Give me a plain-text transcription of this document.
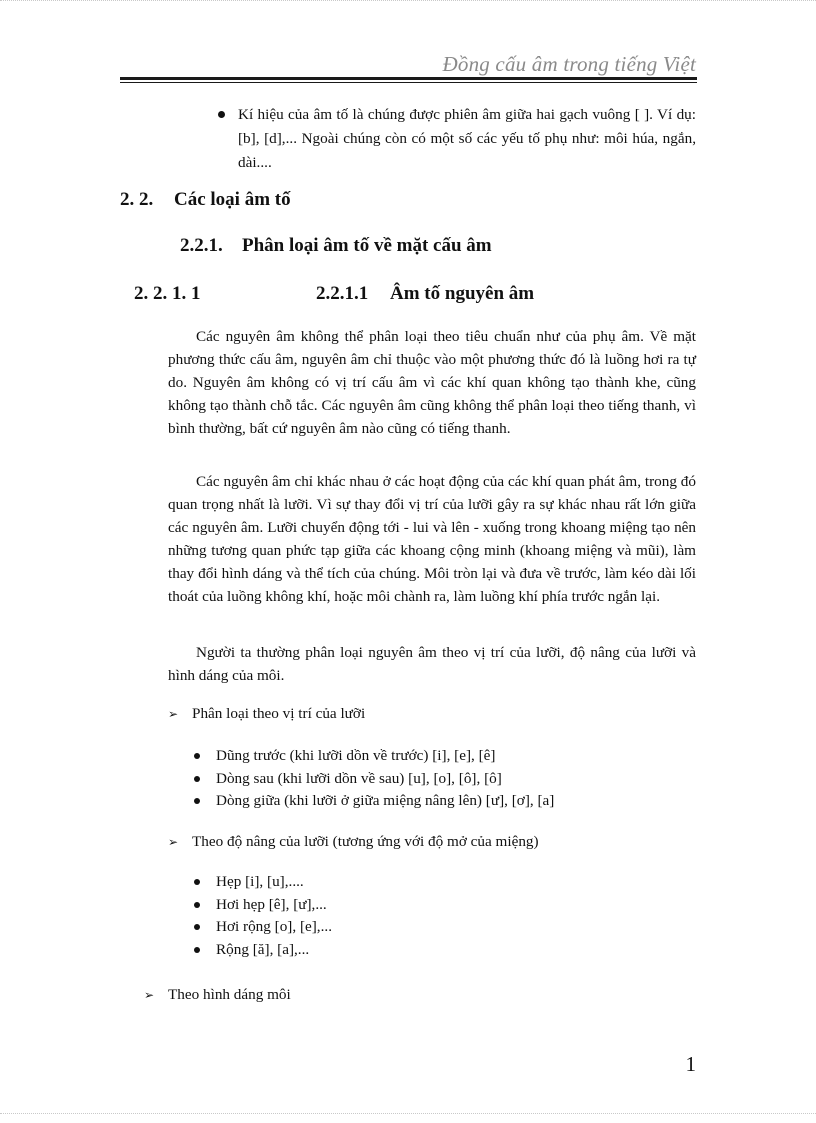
Đồng cấu âm trong tiếng Việt
Kí hiệu của âm tố là chúng được phiên âm giữa hai gạch vuông [ ]. Ví dụ: [b], [d],... Ngoài chúng còn có một số các yếu tố phụ như: môi húa, ngắn, dài....
2. 2. Các loại âm tố
2.2.1. Phân loại âm tố về mặt cấu âm
2. 2. 1. 1	2.2.1.1 Âm tố nguyên âm

Các nguyên âm không thể phân loại theo tiêu chuẩn như của phụ âm. Về mặt phương thức cấu âm, nguyên âm chỉ thuộc vào một phương thức đó là luồng hơi ra tự do. Nguyên âm không có vị trí cấu âm vì các khí quan không tạo thành khe, cũng không tạo thành chỗ tắc. Các nguyên âm cũng không thể phân loại theo tiếng thanh, vì bình thường, bất cứ nguyên âm nào cũng có tiếng thanh.

Các nguyên âm chỉ khác nhau ở các hoạt động của các khí quan phát âm, trong đó quan trọng nhất là lưỡi. Vì sự thay đổi vị trí của lưỡi gây ra sự khác nhau rất lớn giữa các nguyên âm. Lưỡi chuyển động tới - lui và lên - xuống trong khoang miệng tạo nên những tương quan phức tạp giữa các khoang cộng minh (khoang miệng và mũi), làm thay đổi hình dáng và thể tích của chúng. Môi tròn lại và đưa về trước, làm kéo dài lối thoát của luồng không khí, hoặc môi chành ra, làm luồng khí phía trước ngắn lại.

Người ta thường phân loại nguyên âm theo vị trí của lưỡi, độ nâng của lưỡi và hình dáng của môi.

➢ Phân loại theo vị trí của lưỡi
Dũng trước (khi lưỡi dồn về trước) [i], [e], [ê]
Dòng sau (khi lưỡi dồn về sau) [u], [o], [ô], [ô]
Dòng giữa (khi lưỡi ở giữa miệng nâng lên) [ư], [ơ], [a]
➢ Theo độ nâng của lưỡi (tương ứng với độ mở của miệng)
Hẹp [i], [u],....
Hơi hẹp [ê], [ư],...
Hơi rộng [o], [e],...
Rộng [ă], [a],...
➢ Theo hình dáng môi
1
